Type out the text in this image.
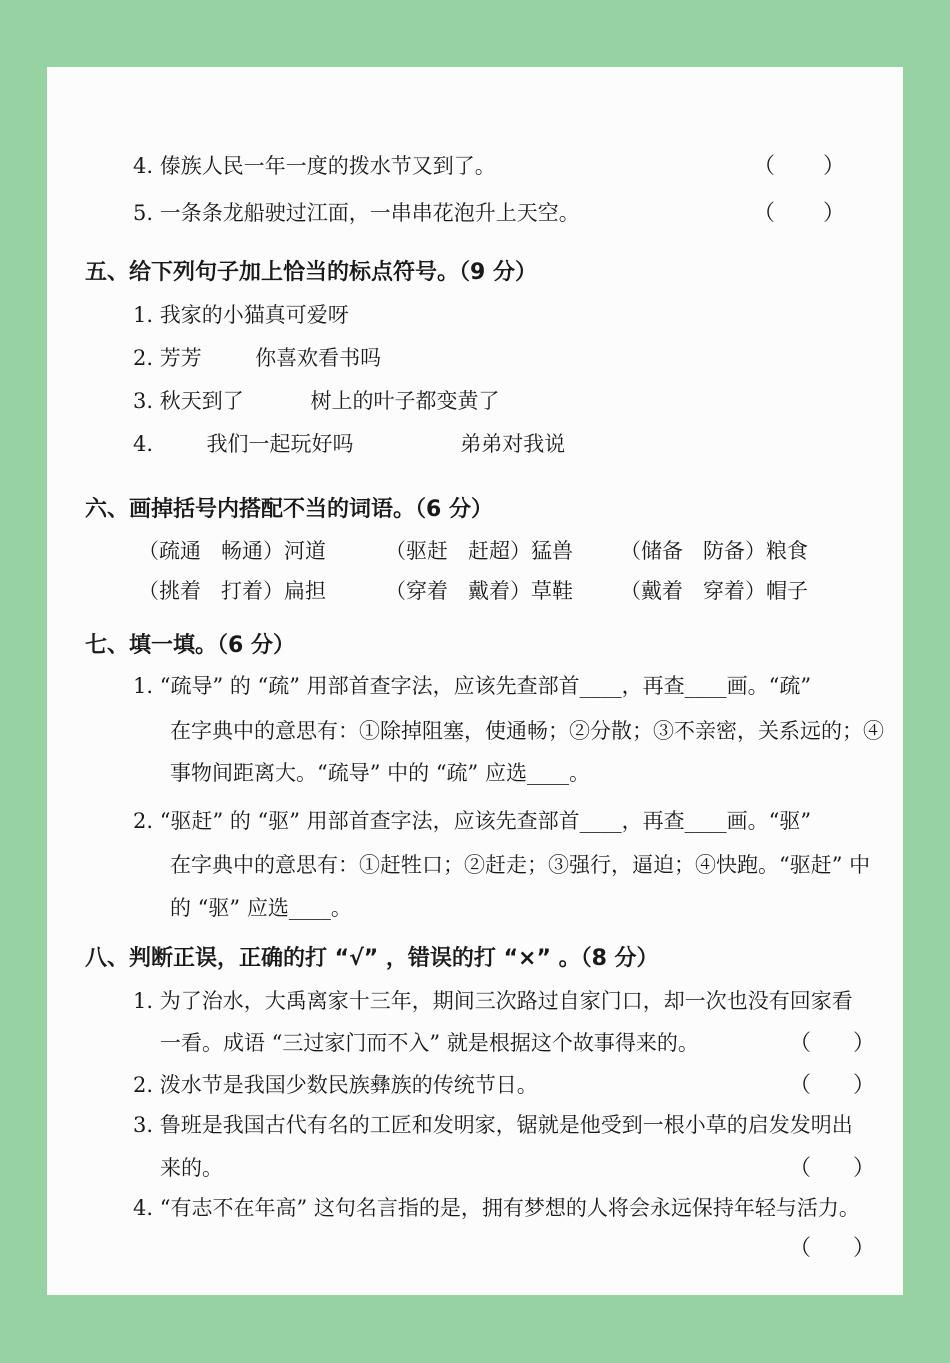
4. 傣族人民一年一度的拨水节又到了。	（ ）
5. 一条条龙船驶过江面，一串串花泡升上天空。	（ ）
五、给下列句子加上恰当的标点符号。（9 分）
1. 我家的小猫真可爱呀
2. 芳芳        你喜欢看书吗
3. 秋天到了          树上的叶子都变黄了
4.        我们一起玩好吗                弟弟对我说
六、画掉括号内搭配不当的词语。（6 分）
（疏通   畅通）河道	（驱赶   赶超）猛兽	（储备   防备）粮食
（挑着   打着）扁担	（穿着   戴着）草鞋	（戴着   穿着）帽子
七、填一填。（6 分）
1. “疏导” 的 “疏” 用部首查字法，应该先查部首____，再查____画。“疏”
在字典中的意思有：①除掉阻塞，使通畅；②分散；③不亲密，关系远的；④
事物间距离大。“疏导” 中的 “疏” 应选____。
2. “驱赶” 的 “驱” 用部首查字法，应该先查部首____，再查____画。“驱”
在字典中的意思有：①赶牲口；②赶走；③强行，逼迫；④快跑。“驱赶” 中
的 “驱” 应选____。
八、判断正误，正确的打 “√” ，错误的打 “×” 。（8 分）
1. 为了治水，大禹离家十三年，期间三次路过自家门口，却一次也没有回家看
一看。成语 “三过家门而不入” 就是根据这个故事得来的。	（ ）
2. 泼水节是我国少数民族彝族的传统节日。	（ ）
3. 鲁班是我国古代有名的工匠和发明家，锯就是他受到一根小草的启发发明出
来的。	（ ）
4. “有志不在年高” 这句名言指的是，拥有梦想的人将会永远保持年轻与活力。
（ ）
